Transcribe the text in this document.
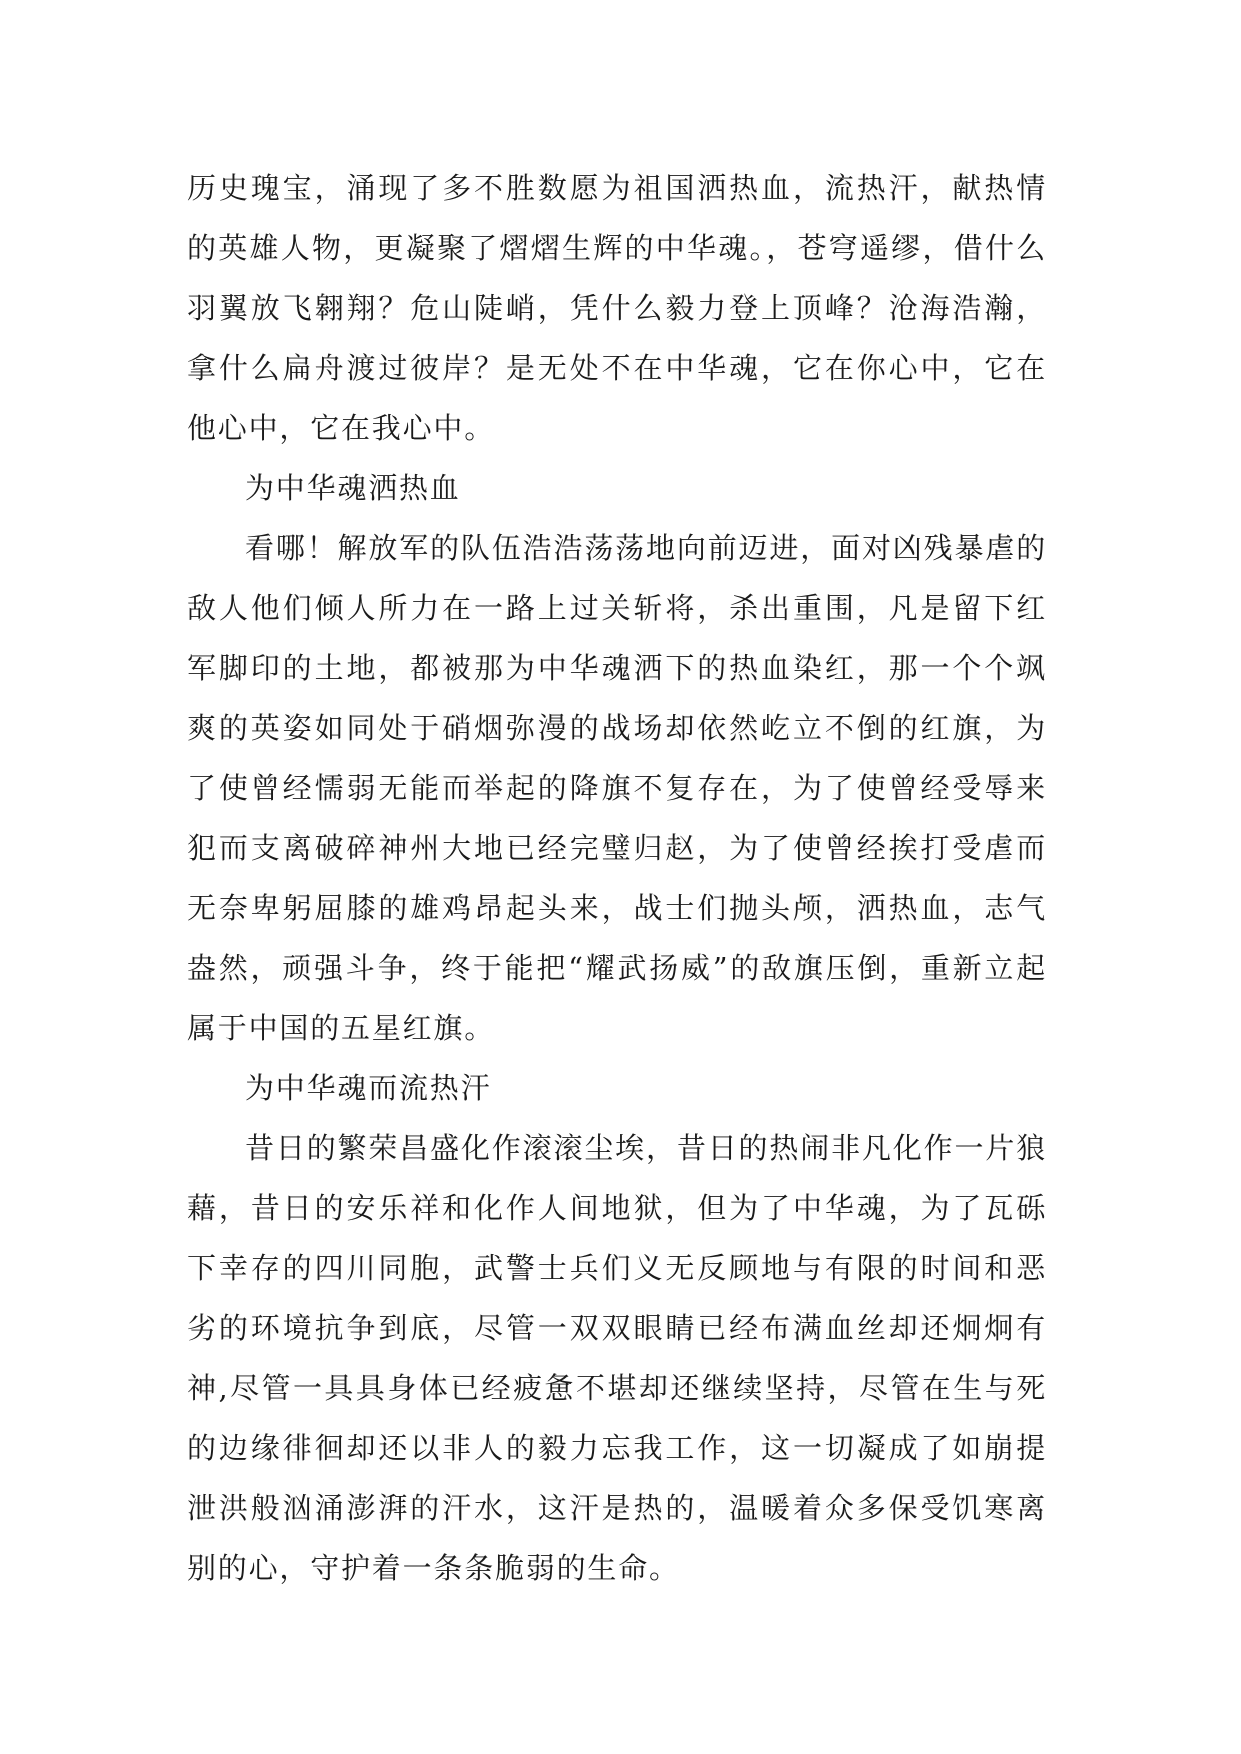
历史瑰宝，涌现了多不胜数愿为祖国洒热血，流热汗，献热情的英雄人物，更凝聚了熠熠生辉的中华魂。，苍穹遥缪，借什么羽翼放飞翱翔？危山陡峭，凭什么毅力登上顶峰？沧海浩瀚，拿什么扁舟渡过彼岸？是无处不在中华魂，它在你心中，它在他心中，它在我心中。

为中华魂洒热血

看哪！解放军的队伍浩浩荡荡地向前迈进，面对凶残暴虐的敌人他们倾人所力在一路上过关斩将，杀出重围，凡是留下红军脚印的土地，都被那为中华魂洒下的热血染红，那一个个飒爽的英姿如同处于硝烟弥漫的战场却依然屹立不倒的红旗，为了使曾经懦弱无能而举起的降旗不复存在，为了使曾经受辱来犯而支离破碎神州大地已经完璧归赵，为了使曾经挨打受虐而无奈卑躬屈膝的雄鸡昂起头来，战士们抛头颅，洒热血，志气盎然，顽强斗争，终于能把“耀武扬威”的敌旗压倒，重新立起属于中国的五星红旗。

为中华魂而流热汗

昔日的繁荣昌盛化作滚滚尘埃，昔日的热闹非凡化作一片狼藉，昔日的安乐祥和化作人间地狱，但为了中华魂，为了瓦砾下幸存的四川同胞，武警士兵们义无反顾地与有限的时间和恶劣的环境抗争到底，尽管一双双眼睛已经布满血丝却还炯炯有神,尽管一具具身体已经疲惫不堪却还继续坚持，尽管在生与死的边缘徘徊却还以非人的毅力忘我工作，这一切凝成了如崩提泄洪般汹涌澎湃的汗水，这汗是热的，温暖着众多保受饥寒离别的心，守护着一条条脆弱的生命。
